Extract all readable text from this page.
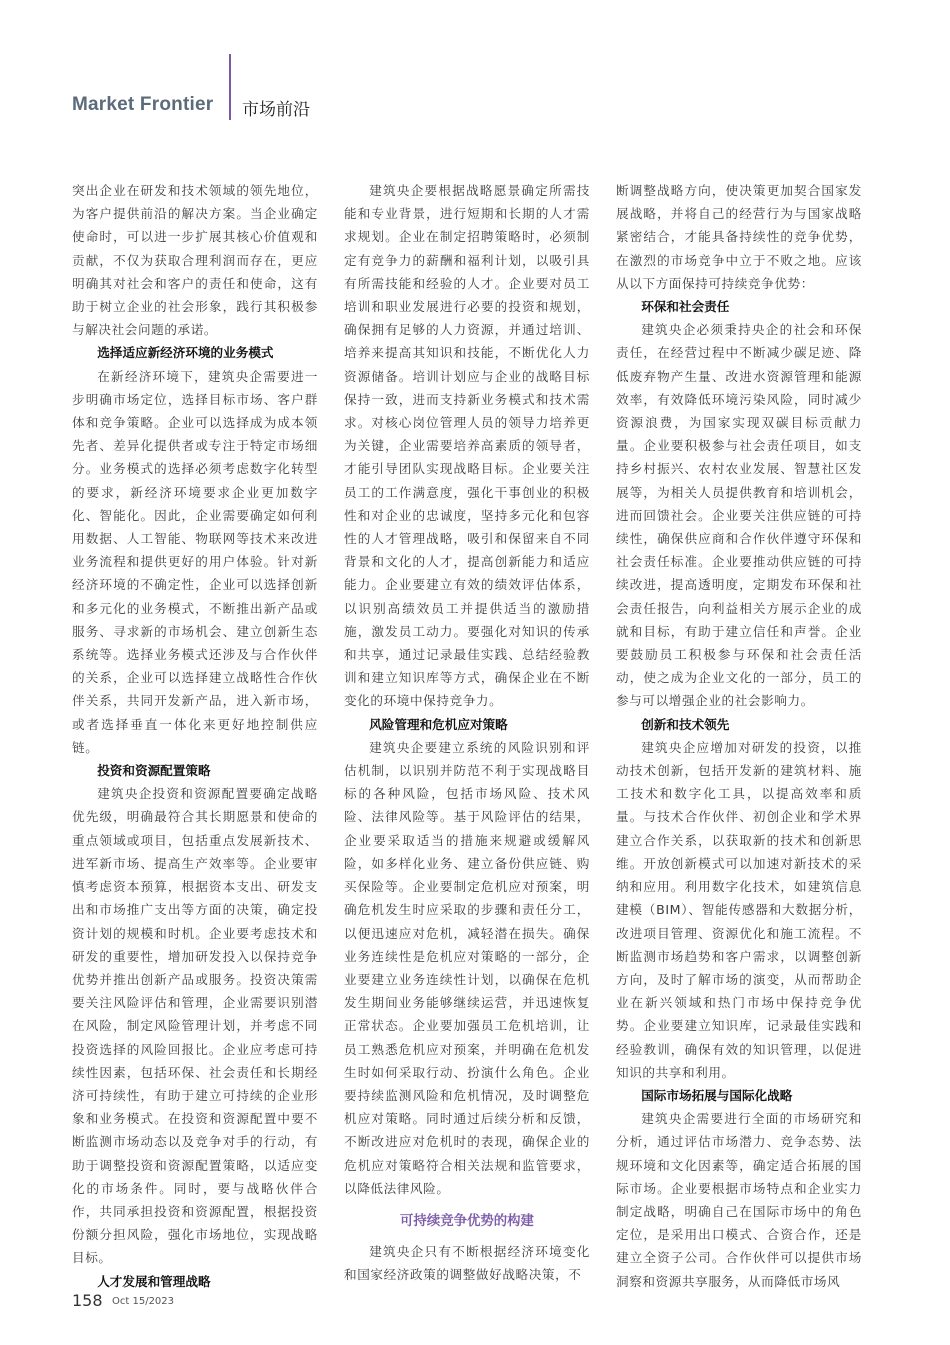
Market Frontier 市场前沿

突出企业在研发和技术领域的领先地位，为客户提供前沿的解决方案。当企业确定使命时，可以进一步扩展其核心价值观和贡献，不仅为获取合理利润而存在，更应明确其对社会和客户的责任和使命，这有助于树立企业的社会形象，践行其积极参与解决社会问题的承诺。

选择适应新经济环境的业务模式

在新经济环境下，建筑央企需要进一步明确市场定位，选择目标市场、客户群体和竞争策略。企业可以选择成为成本领先者、差异化提供者或专注于特定市场细分。业务模式的选择必须考虑数字化转型的要求，新经济环境要求企业更加数字化、智能化。因此，企业需要确定如何利用数据、人工智能、物联网等技术来改进业务流程和提供更好的用户体验。针对新经济环境的不确定性，企业可以选择创新和多元化的业务模式，不断推出新产品或服务、寻求新的市场机会、建立创新生态系统等。选择业务模式还涉及与合作伙伴的关系，企业可以选择建立战略性合作伙伴关系，共同开发新产品，进入新市场，或者选择垂直一体化来更好地控制供应链。

投资和资源配置策略

建筑央企投资和资源配置要确定战略优先级，明确最符合其长期愿景和使命的重点领域或项目，包括重点发展新技术、进军新市场、提高生产效率等。企业要审慎考虑资本预算，根据资本支出、研发支出和市场推广支出等方面的决策，确定投资计划的规模和时机。企业要考虑技术和研发的重要性，增加研发投入以保持竞争优势并推出创新产品或服务。投资决策需要关注风险评估和管理，企业需要识别潜在风险，制定风险管理计划，并考虑不同投资选择的风险回报比。企业应考虑可持续性因素，包括环保、社会责任和长期经济可持续性，有助于建立可持续的企业形象和业务模式。在投资和资源配置中要不断监测市场动态以及竞争对手的行动，有助于调整投资和资源配置策略，以适应变化的市场条件。同时，要与战略伙伴合作，共同承担投资和资源配置，根据投资份额分担风险，强化市场地位，实现战略目标。

人才发展和管理战略

建筑央企要根据战略愿景确定所需技能和专业背景，进行短期和长期的人才需求规划。企业在制定招聘策略时，必须制定有竞争力的薪酬和福利计划，以吸引具有所需技能和经验的人才。企业要对员工培训和职业发展进行必要的投资和规划，确保拥有足够的人力资源，并通过培训、培养来提高其知识和技能，不断优化人力资源储备。培训计划应与企业的战略目标保持一致，进而支持新业务模式和技术需求。对核心岗位管理人员的领导力培养更为关键，企业需要培养高素质的领导者，才能引导团队实现战略目标。企业要关注员工的工作满意度，强化干事创业的积极性和对企业的忠诚度，坚持多元化和包容性的人才管理战略，吸引和保留来自不同背景和文化的人才，提高创新能力和适应能力。企业要建立有效的绩效评估体系，以识别高绩效员工并提供适当的激励措施，激发员工动力。要强化对知识的传承和共享，通过记录最佳实践、总结经验教训和建立知识库等方式，确保企业在不断变化的环境中保持竞争力。

风险管理和危机应对策略

建筑央企要建立系统的风险识别和评估机制，以识别并防范不利于实现战略目标的各种风险，包括市场风险、技术风险、法律风险等。基于风险评估的结果，企业要采取适当的措施来规避或缓解风险，如多样化业务、建立备份供应链、购买保险等。企业要制定危机应对预案，明确危机发生时应采取的步骤和责任分工，以便迅速应对危机，减轻潜在损失。确保业务连续性是危机应对策略的一部分，企业要建立业务连续性计划，以确保在危机发生期间业务能够继续运营，并迅速恢复正常状态。企业要加强员工危机培训，让员工熟悉危机应对预案，并明确在危机发生时如何采取行动、扮演什么角色。企业要持续监测风险和危机情况，及时调整危机应对策略。同时通过后续分析和反馈，不断改进应对危机时的表现，确保企业的危机应对策略符合相关法规和监管要求，以降低法律风险。

可持续竞争优势的构建

建筑央企只有不断根据经济环境变化和国家经济政策的调整做好战略决策，不

断调整战略方向，使决策更加契合国家发展战略，并将自己的经营行为与国家战略紧密结合，才能具备持续性的竞争优势，在激烈的市场竞争中立于不败之地。应该从以下方面保持可持续竞争优势：

环保和社会责任

建筑央企必须秉持央企的社会和环保责任，在经营过程中不断减少碳足迹、降低废弃物产生量、改进水资源管理和能源效率，有效降低环境污染风险，同时减少资源浪费，为国家实现双碳目标贡献力量。企业要积极参与社会责任项目，如支持乡村振兴、农村农业发展、智慧社区发展等，为相关人员提供教育和培训机会，进而回馈社会。企业要关注供应链的可持续性，确保供应商和合作伙伴遵守环保和社会责任标准。企业要推动供应链的可持续改进，提高透明度，定期发布环保和社会责任报告，向利益相关方展示企业的成就和目标，有助于建立信任和声誉。企业要鼓励员工积极参与环保和社会责任活动，使之成为企业文化的一部分，员工的参与可以增强企业的社会影响力。

创新和技术领先

建筑央企应增加对研发的投资，以推动技术创新，包括开发新的建筑材料、施工技术和数字化工具，以提高效率和质量。与技术合作伙伴、初创企业和学术界建立合作关系，以获取新的技术和创新思维。开放创新模式可以加速对新技术的采纳和应用。利用数字化技术，如建筑信息建模（BIM）、智能传感器和大数据分析，改进项目管理、资源优化和施工流程。不断监测市场趋势和客户需求，以调整创新方向，及时了解市场的演变，从而帮助企业在新兴领域和热门市场中保持竞争优势。企业要建立知识库，记录最佳实践和经验教训，确保有效的知识管理，以促进知识的共享和利用。

国际市场拓展与国际化战略

建筑央企需要进行全面的市场研究和分析，通过评估市场潜力、竞争态势、法规环境和文化因素等，确定适合拓展的国际市场。企业要根据市场特点和企业实力制定战略，明确自己在国际市场中的角色定位，是采用出口模式、合资合作，还是建立全资子公司。合作伙伴可以提供市场洞察和资源共享服务，从而降低市场风

158 Oct 15/2023
